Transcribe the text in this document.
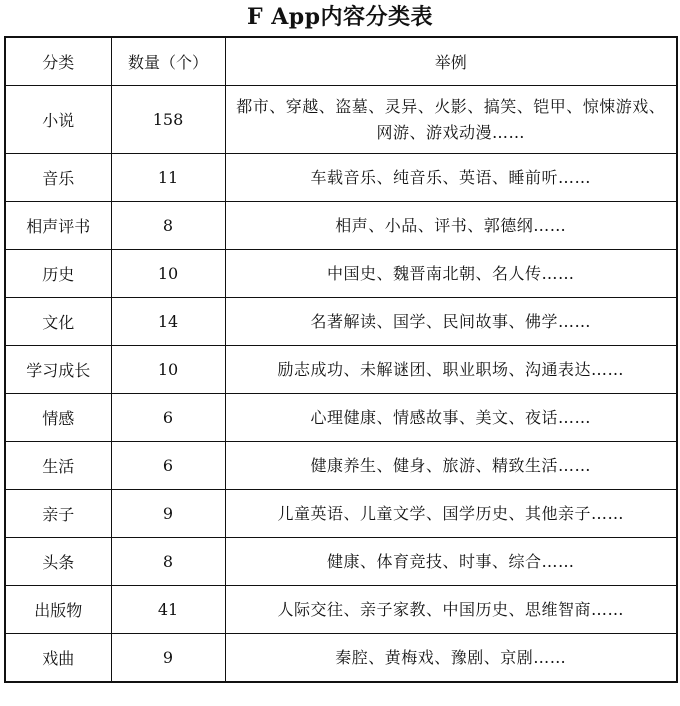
F App内容分类表
分类	数量（个）	举例
小说	158	都市、穿越、盗墓、灵异、火影、搞笑、铠甲、惊悚游戏、网游、游戏动漫……
音乐	11	车载音乐、纯音乐、英语、睡前听……
相声评书	8	相声、小品、评书、郭德纲……
历史	10	中国史、魏晋南北朝、名人传……
文化	14	名著解读、国学、民间故事、佛学……
学习成长	10	励志成功、未解谜团、职业职场、沟通表达……
情感	6	心理健康、情感故事、美文、夜话……
生活	6	健康养生、健身、旅游、精致生活……
亲子	9	儿童英语、儿童文学、国学历史、其他亲子……
头条	8	健康、体育竞技、时事、综合……
出版物	41	人际交往、亲子家教、中国历史、思维智商……
戏曲	9	秦腔、黄梅戏、豫剧、京剧……
